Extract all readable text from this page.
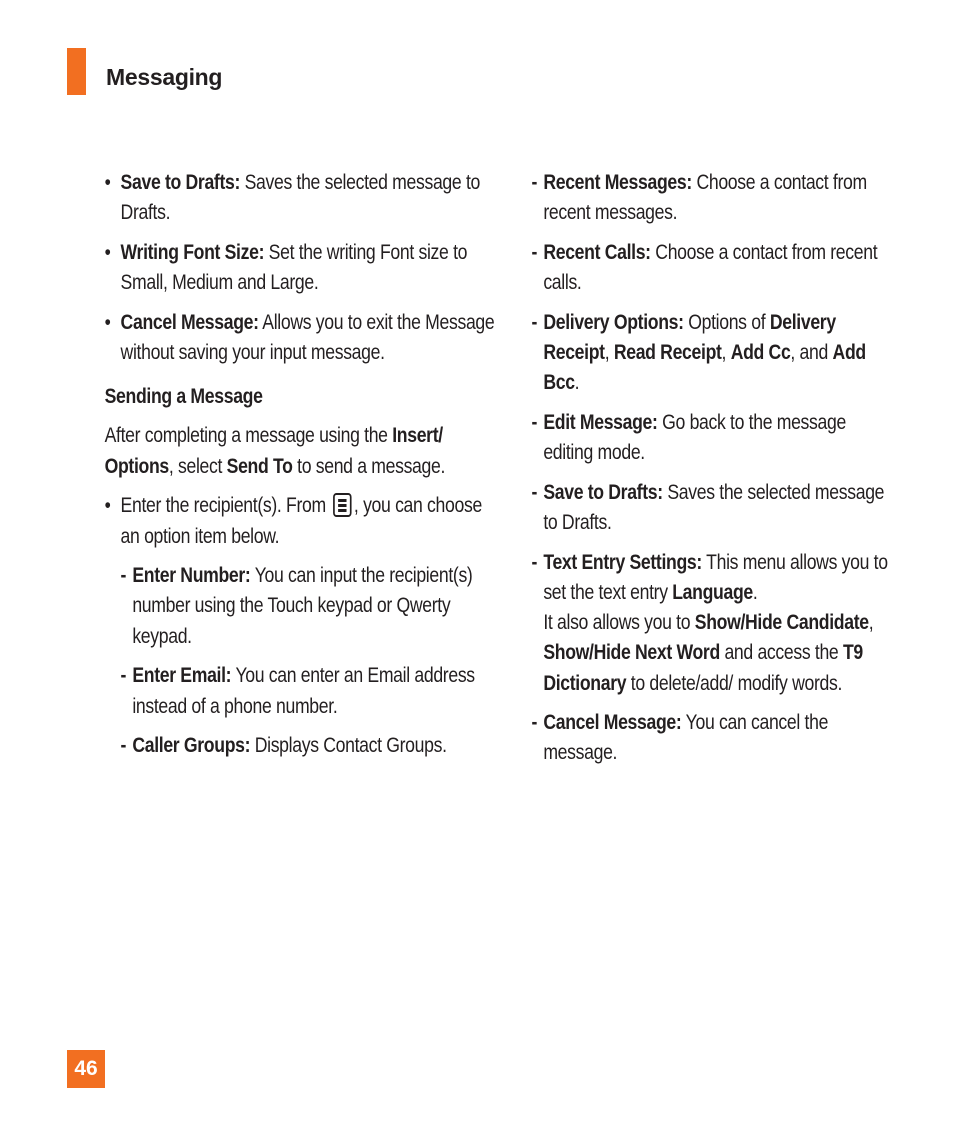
Messaging
• Save to Drafts: Saves the selected message to Drafts.
• Writing Font Size: Set the writing Font size to Small, Medium and Large.
• Cancel Message: Allows you to exit the Message without saving your input message.

Sending a Message

After completing a message using the Insert/ Options, select Send To to send a message.

• Enter the recipient(s). From
, you can choose an option item below.
- Enter Number: You can input the recipient(s) number using the Touch keypad or Qwerty keypad.
- Enter Email: You can enter an Email address instead of a phone number.
- Caller Groups: Displays Contact Groups.
- Recent Messages: Choose a contact from recent messages.
- Recent Calls: Choose a contact from recent calls.
- Delivery Options: Options of Delivery Receipt, Read Receipt, Add Cc, and Add Bcc.
- Edit Message: Go back to the message editing mode.
- Save to Drafts: Saves the selected message to Drafts.
- Text Entry Settings: This menu allows you to set the text entry Language.
It also allows you to Show/Hide Candidate, Show/Hide Next Word and access the T9 Dictionary to delete/add/ modify words.
- Cancel Message: You can cancel the message.
46
